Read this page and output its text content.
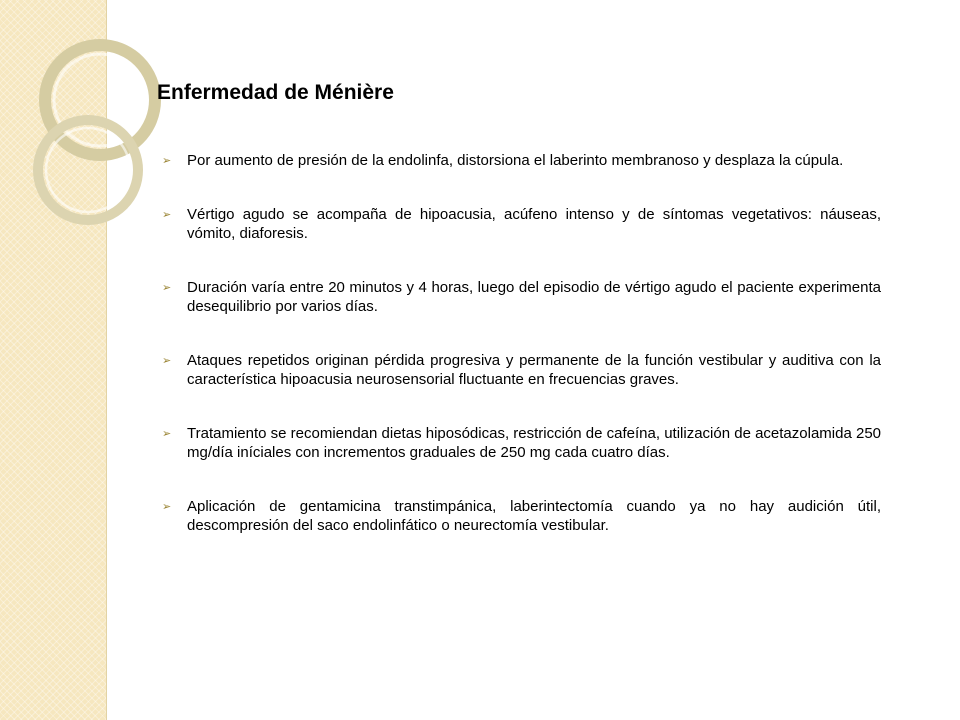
Enfermedad de Ménière
➢ Por aumento de presión de la endolinfa, distorsiona el laberinto membranoso y desplaza la cúpula.
➢ Vértigo agudo se acompaña de hipoacusia, acúfeno intenso y de síntomas vegetativos: náuseas, vómito, diaforesis.
➢ Duración varía entre 20 minutos y 4 horas, luego del episodio de vértigo agudo el paciente experimenta desequilibrio por varios días.
➢ Ataques repetidos originan pérdida progresiva y permanente de la función vestibular y auditiva con la característica hipoacusia neurosensorial fluctuante en frecuencias graves.
➢ Tratamiento se recomiendan dietas hiposódicas, restricción de cafeína, utilización de acetazolamida 250 mg/día iníciales con incrementos graduales de 250 mg cada cuatro días.
➢ Aplicación de gentamicina transtimpánica, laberintectomía cuando ya no hay audición útil, descompresión del saco endolinfático o neurectomía vestibular.
